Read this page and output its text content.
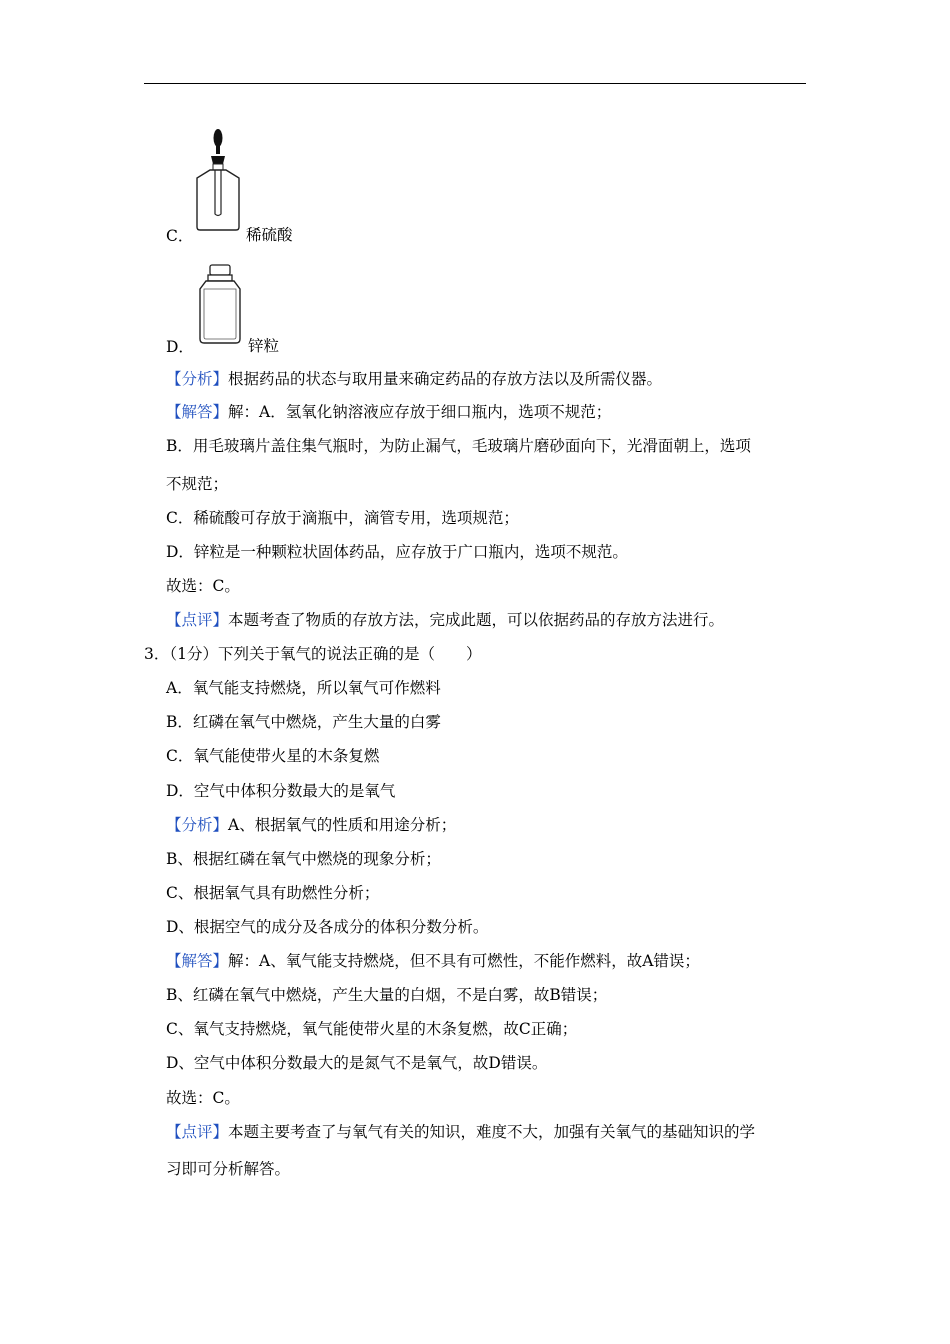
C．	稀硫酸
D．	锌粒
【分析】根据药品的状态与取用量来确定药品的存放方法以及所需仪器。
【解答】解：A．氢氧化钠溶液应存放于细口瓶内，选项不规范；
B．用毛玻璃片盖住集气瓶时，为防止漏气，毛玻璃片磨砂面向下，光滑面朝上，选项
不规范；
C．稀硫酸可存放于滴瓶中，滴管专用，选项规范；
D．锌粒是一种颗粒状固体药品，应存放于广口瓶内，选项不规范。
故选：C。
【点评】本题考查了物质的存放方法，完成此题，可以依据药品的存放方法进行。
3．（1分）下列关于氧气的说法正确的是（　　）
A．氧气能支持燃烧，所以氧气可作燃料
B．红磷在氧气中燃烧，产生大量的白雾
C．氧气能使带火星的木条复燃
D．空气中体积分数最大的是氧气
【分析】A、根据氧气的性质和用途分析；
B、根据红磷在氧气中燃烧的现象分析；
C、根据氧气具有助燃性分析；
D、根据空气的成分及各成分的体积分数分析。
【解答】解：A、氧气能支持燃烧，但不具有可燃性，不能作燃料，故A错误；
B、红磷在氧气中燃烧，产生大量的白烟，不是白雾，故B错误；
C、氧气支持燃烧，氧气能使带火星的木条复燃，故C正确；
D、空气中体积分数最大的是氮气不是氧气，故D错误。
故选：C。
【点评】本题主要考查了与氧气有关的知识，难度不大，加强有关氧气的基础知识的学
习即可分析解答。
